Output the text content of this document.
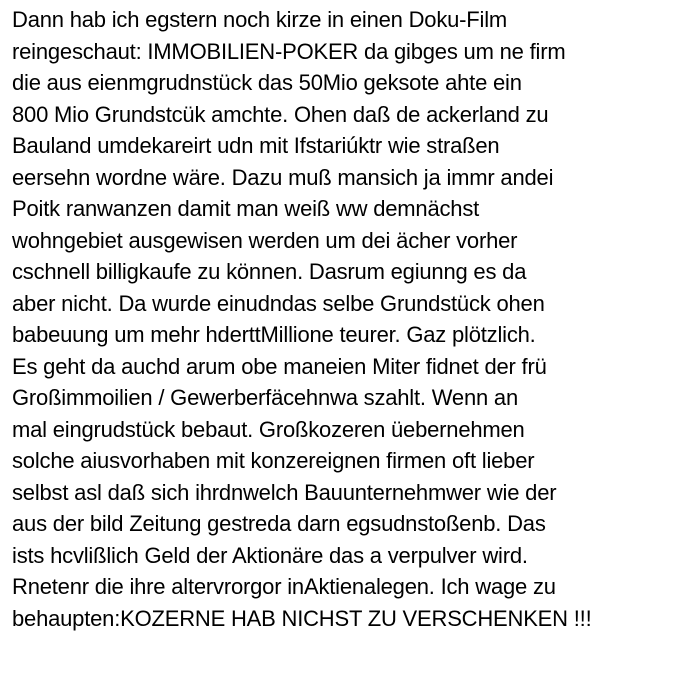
Dann hab ich egstern noch kirze in einen Doku-Film
reingeschaut: IMMOBILIEN-POKER da gibges um ne firm
die aus eienmgrudnstück das 50Mio geksote ahte ein
800 Mio Grundstcük amchte. Ohen daß de ackerland zu
Bauland umdekareirt udn mit Ifstariúktr wie straßen
eersehn wordne wäre. Dazu muß mansich ja immr andei
Poitk ranwanzen damit man weiß ww demnächst
wohngebiet ausgewisen werden um dei ächer vorher
cschnell billigkaufe zu können. Dasrum egiunng es da
aber nicht. Da wurde einudndas selbe Grundstück ohen
babeuung um mehr hderttMillione teurer. Gaz plötzlich.
Es geht da auchd arum obe maneien Miter fidnet der frü
Großimmoilien / Gewerberfäcehnwa szahlt. Wenn an
mal eingrudstück bebaut. Großkozeren üebernehmen
solche aiusvorhaben mit konzereignen firmen oft lieber
selbst asl daß sich ihrdnwelch Bauunternehmwer wie der
aus der bild Zeitung gestreda darn egsudnstoßenb. Das
ists hcvlißlich Geld der Aktionäre das a verpulver wird.
Rnetenr die ihre altervrorgor inAktienalegen. Ich wage zu
behaupten:KOZERNE HAB NICHST ZU VERSCHENKEN !!!
